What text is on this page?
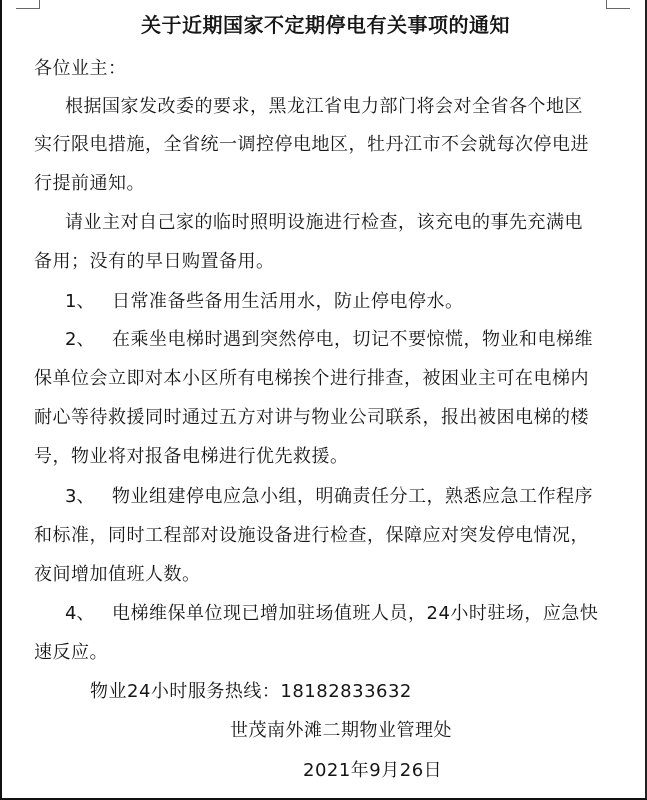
关于近期国家不定期停电有关事项的通知
各位业主：
根据国家发改委的要求，黑龙江省电力部门将会对全省各个地区
实行限电措施，全省统一调控停电地区，牡丹江市不会就每次停电进
行提前通知。
请业主对自己家的临时照明设施进行检查，该充电的事先充满电
备用；没有的早日购置备用。
1、 日常准备些备用生活用水，防止停电停水。
2、 在乘坐电梯时遇到突然停电，切记不要惊慌，物业和电梯维
保单位会立即对本小区所有电梯挨个进行排查，被困业主可在电梯内
耐心等待救援同时通过五方对讲与物业公司联系，报出被困电梯的楼
号，物业将对报备电梯进行优先救援。
3、 物业组建停电应急小组，明确责任分工，熟悉应急工作程序
和标准，同时工程部对设施设备进行检查，保障应对突发停电情况，
夜间增加值班人数。
4、 电梯维保单位现已增加驻场值班人员，24小时驻场，应急快
速反应。
物业24小时服务热线：18182833632
世茂南外滩二期物业管理处
2021年9月26日
